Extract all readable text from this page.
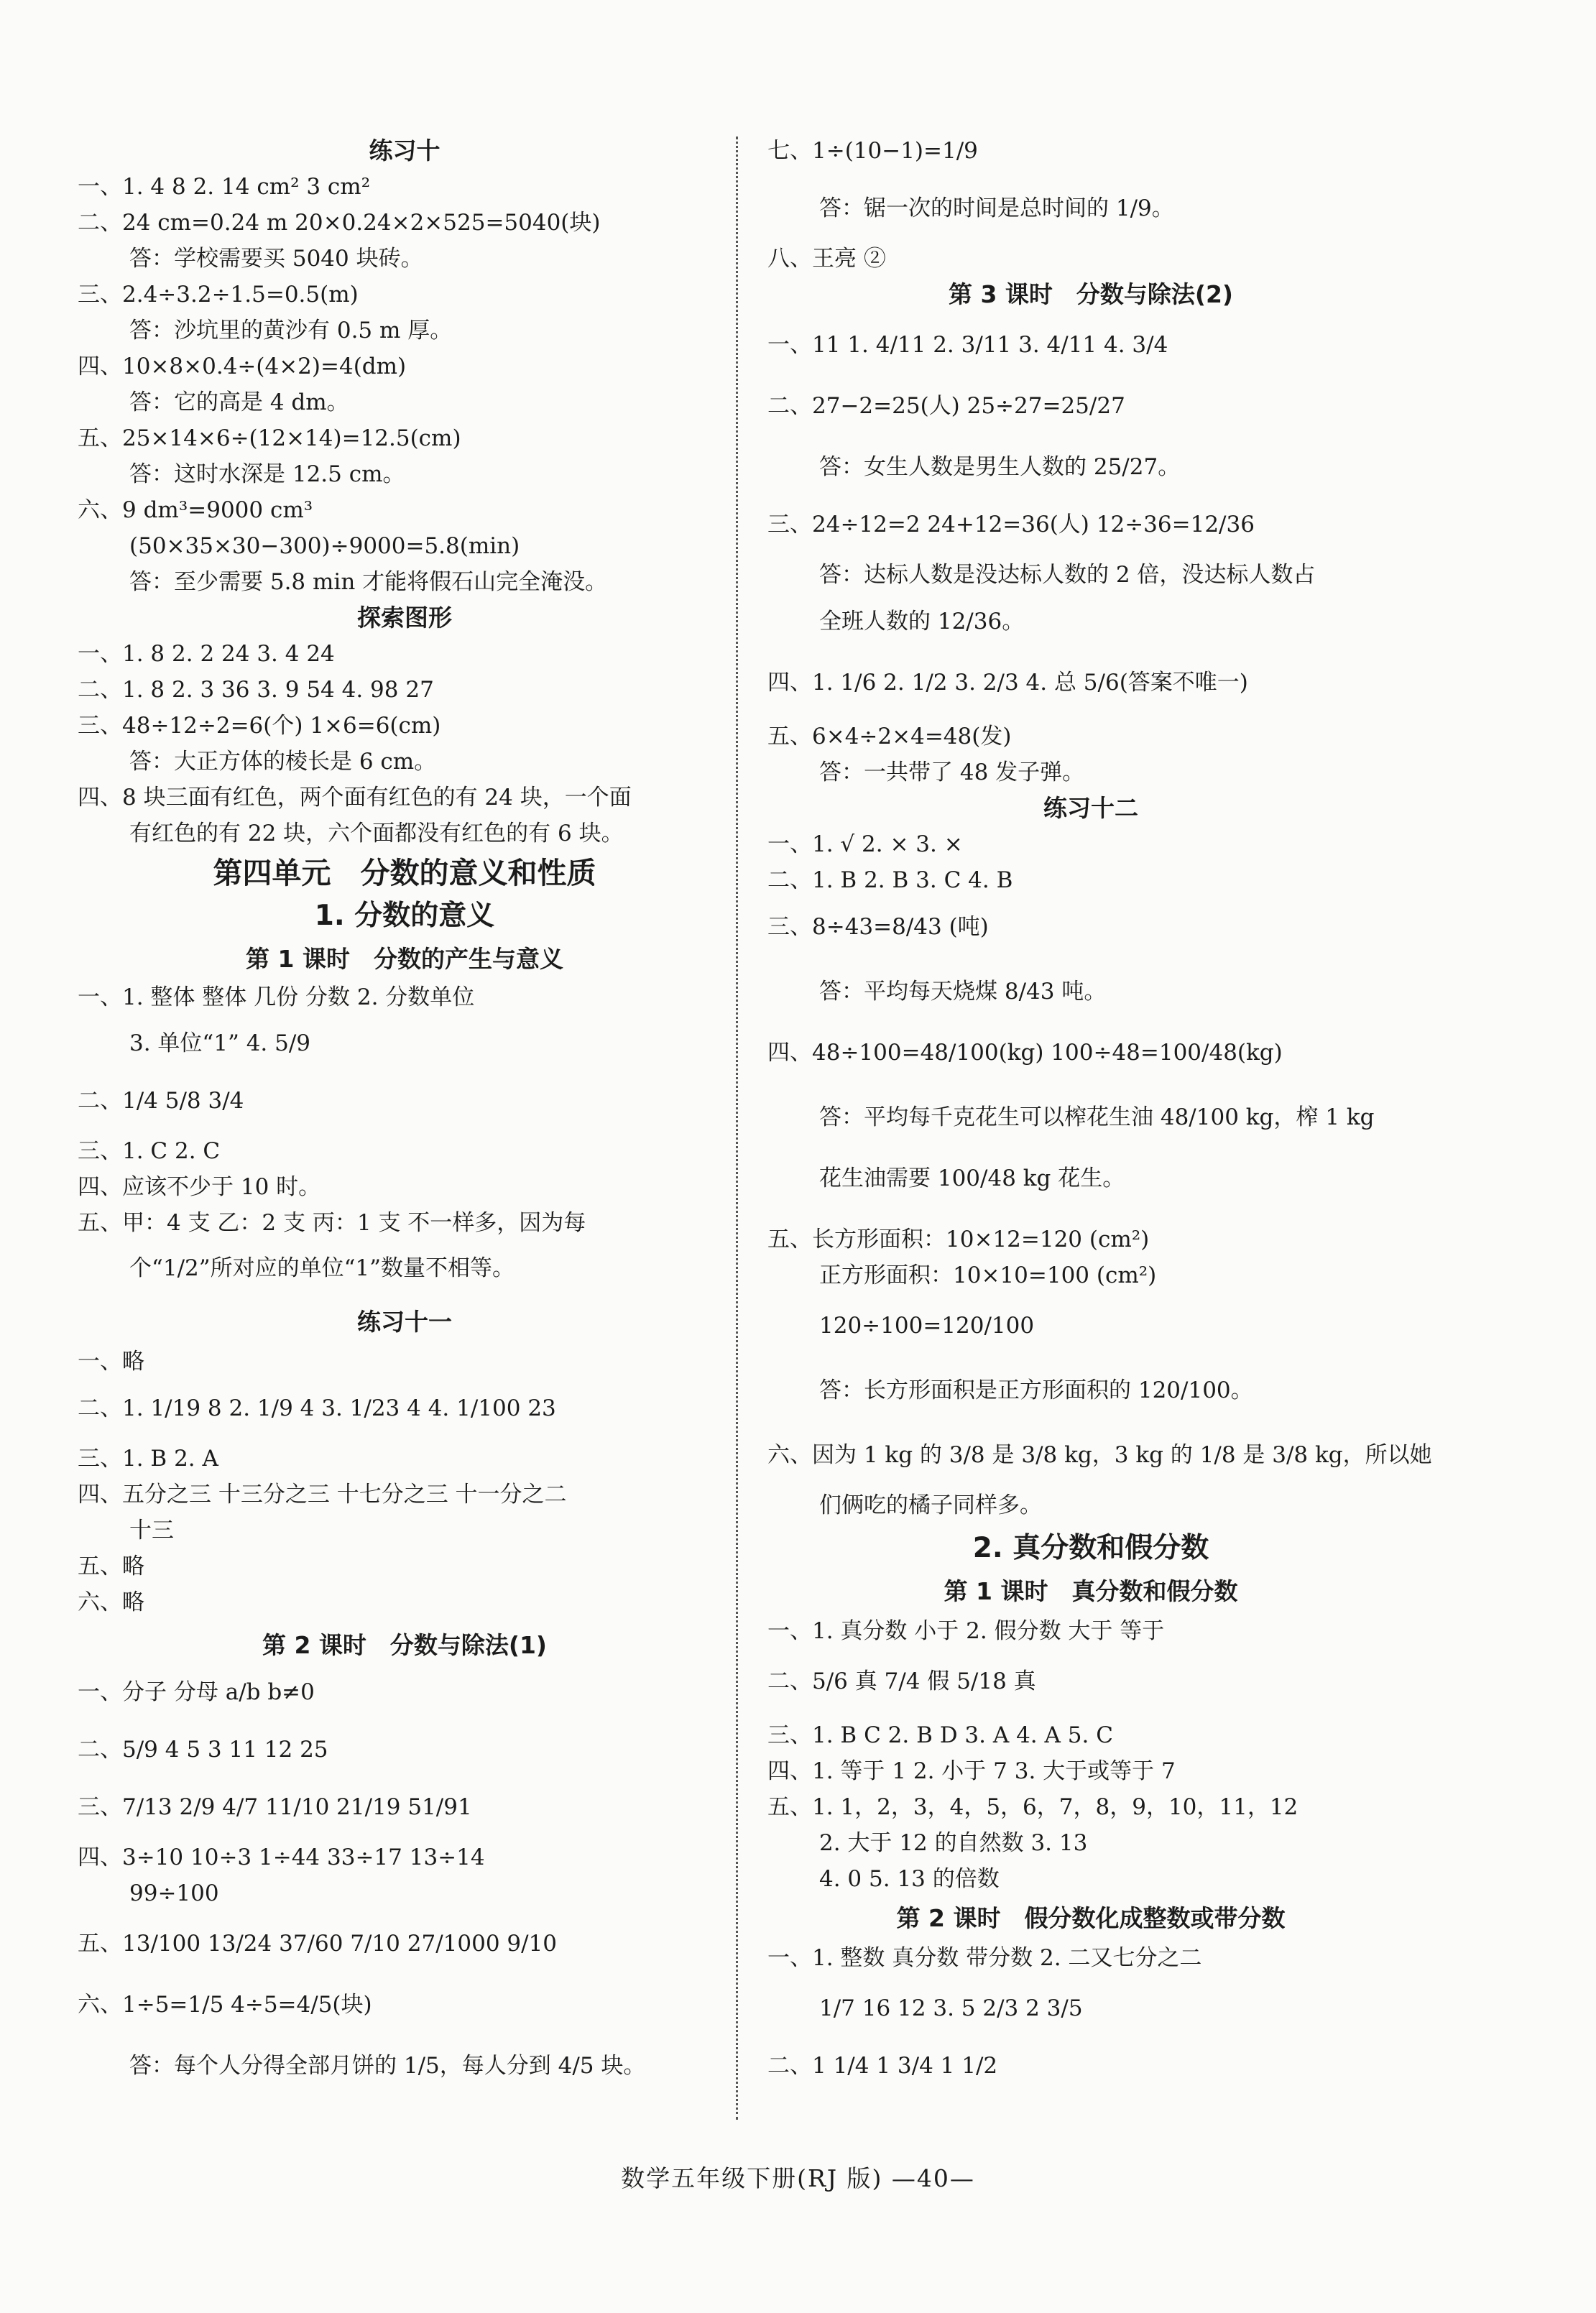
练习十
一、1. 4 8 2. 14 cm² 3 cm²
二、24 cm=0.24 m 20×0.24×2×525=5040(块)
答：学校需要买 5040 块砖。
三、2.4÷3.2÷1.5=0.5(m)
答：沙坑里的黄沙有 0.5 m 厚。
四、10×8×0.4÷(4×2)=4(dm)
答：它的高是 4 dm。
五、25×14×6÷(12×14)=12.5(cm)
答：这时水深是 12.5 cm。
六、9 dm³=9000 cm³
(50×35×30−300)÷9000=5.8(min)
答：至少需要 5.8 min 才能将假石山完全淹没。
探索图形
一、1. 8 2. 2 24 3. 4 24
二、1. 8 2. 3 36 3. 9 54 4. 98 27
三、48÷12÷2=6(个) 1×6=6(cm)
答：大正方体的棱长是 6 cm。
四、8 块三面有红色，两个面有红色的有 24 块，一个面
有红色的有 22 块，六个面都没有红色的有 6 块。
第四单元　分数的意义和性质
1. 分数的意义
第 1 课时　分数的产生与意义
一、1. 整体 整体 几份 分数 2. 分数单位
3. 单位“1” 4. 5/9
二、1/4 5/8 3/4
三、1. C 2. C
四、应该不少于 10 时。
五、甲：4 支 乙：2 支 丙：1 支 不一样多，因为每
个“1/2”所对应的单位“1”数量不相等。
练习十一
一、略
二、1. 1/19 8 2. 1/9 4 3. 1/23 4 4. 1/100 23
三、1. B 2. A
四、五分之三 十三分之三 十七分之三 十一分之二
十三
五、略
六、略
第 2 课时　分数与除法(1)
一、分子 分母 a/b b≠0
二、5/9 4 5 3 11 12 25
三、7/13 2/9 4/7 11/10 21/19 51/91
四、3÷10 10÷3 1÷44 33÷17 13÷14
99÷100
五、13/100 13/24 37/60 7/10 27/1000 9/10
六、1÷5=1/5 4÷5=4/5(块)
答：每个人分得全部月饼的 1/5，每人分到 4/5 块。
七、1÷(10−1)=1/9
答：锯一次的时间是总时间的 1/9。
八、王亮 ②
第 3 课时　分数与除法(2)
一、11 1. 4/11 2. 3/11 3. 4/11 4. 3/4
二、27−2=25(人) 25÷27=25/27
答：女生人数是男生人数的 25/27。
三、24÷12=2 24+12=36(人) 12÷36=12/36
答：达标人数是没达标人数的 2 倍，没达标人数占
全班人数的 12/36。
四、1. 1/6 2. 1/2 3. 2/3 4. 总 5/6(答案不唯一)
五、6×4÷2×4=48(发)
答：一共带了 48 发子弹。
练习十二
一、1. √ 2. × 3. ×
二、1. B 2. B 3. C 4. B
三、8÷43=8/43 (吨)
答：平均每天烧煤 8/43 吨。
四、48÷100=48/100(kg) 100÷48=100/48(kg)
答：平均每千克花生可以榨花生油 48/100 kg，榨 1 kg
花生油需要 100/48 kg 花生。
五、长方形面积：10×12=120 (cm²)
正方形面积：10×10=100 (cm²)
120÷100=120/100
答：长方形面积是正方形面积的 120/100。
六、因为 1 kg 的 3/8 是 3/8 kg，3 kg 的 1/8 是 3/8 kg，所以她
们俩吃的橘子同样多。
2. 真分数和假分数
第 1 课时　真分数和假分数
一、1. 真分数 小于 2. 假分数 大于 等于
二、5/6 真 7/4 假 5/18 真
三、1. B C 2. B D 3. A 4. A 5. C
四、1. 等于 1 2. 小于 7 3. 大于或等于 7
五、1. 1，2，3，4，5，6，7，8，9，10，11，12
2. 大于 12 的自然数 3. 13
4. 0 5. 13 的倍数
第 2 课时　假分数化成整数或带分数
一、1. 整数 真分数 带分数 2. 二又七分之二
1/7 16 12 3. 5 2/3 2 3/5
二、1 1/4 1 3/4 1 1/2
数学五年级下册(RJ 版) —40—
